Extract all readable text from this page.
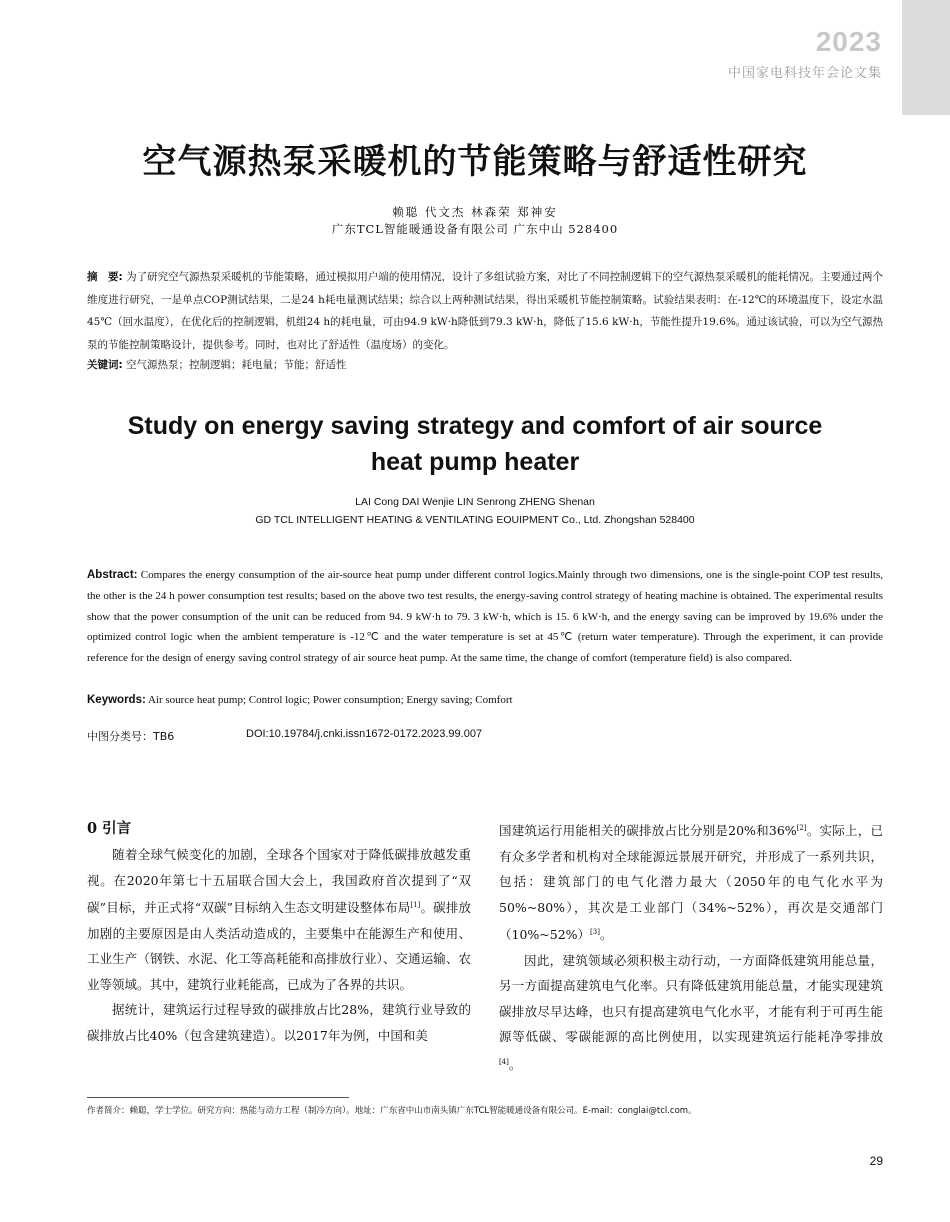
2023
中国家电科技年会论文集
空气源热泵采暖机的节能策略与舒适性研究
赖聪 代文杰 林森荣 郑神安
广东TCL智能暖通设备有限公司 广东中山 528400
摘　要: 为了研究空气源热泵采暖机的节能策略，通过模拟用户端的使用情况，设计了多组试验方案，对比了不同控制逻辑下的空气源热泵采暖机的能耗情况。主要通过两个维度进行研究，一是单点COP测试结果，二是24 h耗电量测试结果；综合以上两种测试结果，得出采暖机节能控制策略。试验结果表明：在-12℃的环境温度下，设定水温45℃（回水温度），在优化后的控制逻辑，机组24 h的耗电量，可由94.9 kW·h降低到79.3 kW·h，降低了15.6 kW·h，节能性提升19.6%。通过该试验，可以为空气源热泵的节能控制策略设计，提供参考。同时，也对比了舒适性（温度场）的变化。
关键词: 空气源热泵；控制逻辑；耗电量；节能；舒适性
Study on energy saving strategy and comfort of air source
heat pump heater
LAI Cong DAI Wenjie LIN Senrong ZHENG Shenan
GD TCL INTELLIGENT HEATING & VENTILATING EOUIPMENT Co., Ltd. Zhongshan 528400
Abstract: Compares the energy consumption of the air-source heat pump under different control logics.Mainly through two dimensions, one is the single-point COP test results, the other is the 24 h power consumption test results; based on the above two test results, the energy-saving control strategy of heating machine is obtained. The experimental results show that the power consumption of the unit can be reduced from 94. 9 kW·h to 79. 3 kW·h, which is 15. 6 kW·h, and the energy saving can be improved by 19.6% under the optimized control logic when the ambient temperature is -12℃ and the water temperature is set at 45℃ (return water temperature). Through the experiment, it can provide reference for the design of energy saving control strategy of air source heat pump. At the same time, the change of comfort (temperature field) is also compared.
Keywords: Air source heat pump; Control logic; Power consumption; Energy saving; Comfort
中图分类号：TB6	DOI:10.19784/j.cnki.issn1672-0172.2023.99.007
0 引言

随着全球气候变化的加剧，全球各个国家对于降低碳排放越发重视。在2020年第七十五届联合国大会上，我国政府首次提到了“双碳”目标，并正式将“双碳”目标纳入生态文明建设整体布局[1]。碳排放加剧的主要原因是由人类活动造成的，主要集中在能源生产和使用、工业生产（钢铁、水泥、化工等高耗能和高排放行业）、交通运输、农业等领域。其中，建筑行业耗能高，已成为了各界的共识。

据统计，建筑运行过程导致的碳排放占比28%，建筑行业导致的碳排放占比40%（包含建筑建造）。以2017年为例，中国和美

国建筑运行用能相关的碳排放占比分别是20%和36%[2]。实际上，已有众多学者和机构对全球能源远景展开研究，并形成了一系列共识，包括：建筑部门的电气化潜力最大（2050年的电气化水平为50%~80%），其次是工业部门（34%~52%），再次是交通部门（10%~52%）[3]。

因此，建筑领域必须积极主动行动，一方面降低建筑用能总量，另一方面提高建筑电气化率。只有降低建筑用能总量，才能实现建筑碳排放尽早达峰，也只有提高建筑电气化水平，才能有利于可再生能源等低碳、零碳能源的高比例使用，以实现建筑运行能耗净零排放[4]。

作者简介：赖聪，学士学位。研究方向：热能与动力工程（制冷方向）。地址：广东省中山市南头镇广东TCL智能暖通设备有限公司。E-mail：conglai@tcl.com。
29
